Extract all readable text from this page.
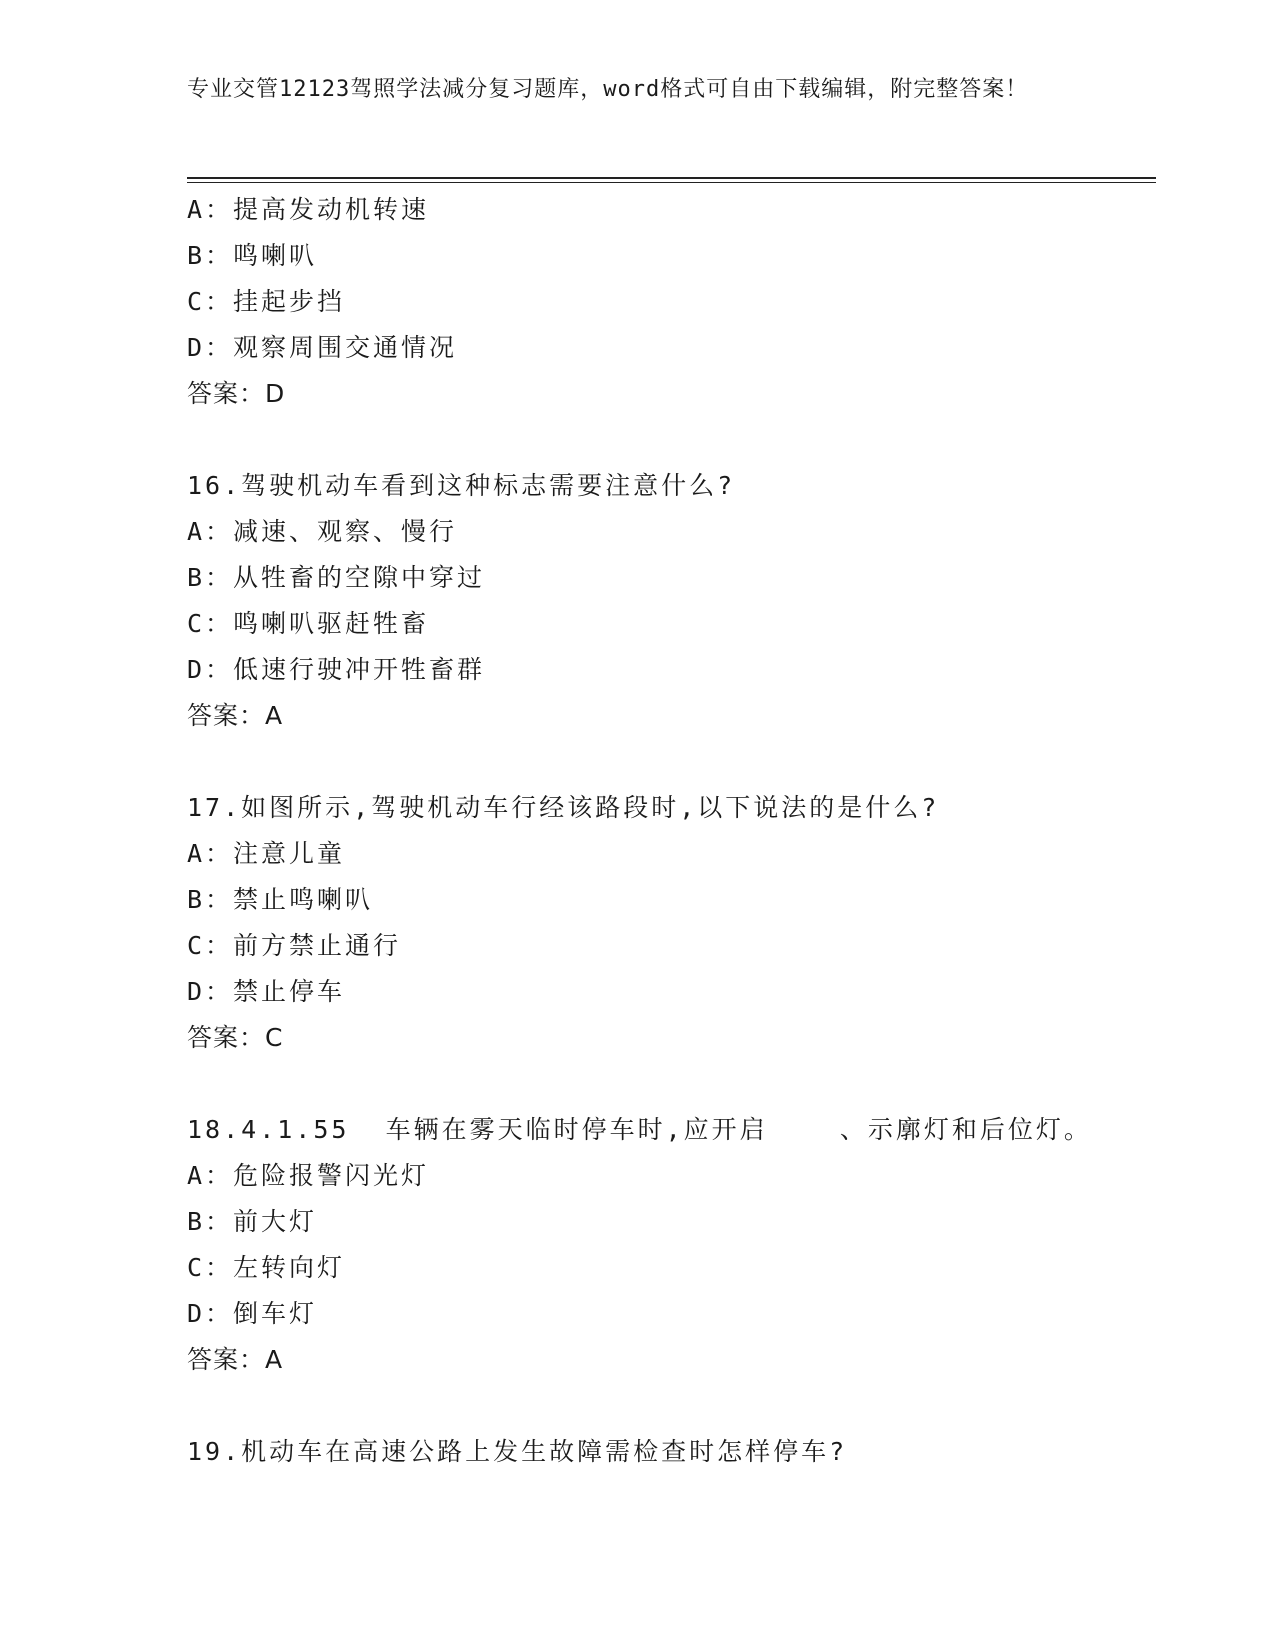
专业交管12123驾照学法减分复习题库，word格式可自由下载编辑，附完整答案！
A：提高发动机转速
B：鸣喇叭
C：挂起步挡
D：观察周围交通情况
答案：D
16.驾驶机动车看到这种标志需要注意什么?
A：减速、观察、慢行
B：从牲畜的空隙中穿过
C：鸣喇叭驱赶牲畜
D：低速行驶冲开牲畜群
答案：A
17.如图所示,驾驶机动车行经该路段时,以下说法的是什么?
A：注意儿童
B：禁止鸣喇叭
C：前方禁止通行
D：禁止停车
答案：C
18.4.1.55  车辆在雾天临时停车时,应开启    、示廓灯和后位灯。
A：危险报警闪光灯
B：前大灯
C：左转向灯
D：倒车灯
答案：A
19.机动车在高速公路上发生故障需检查时怎样停车?
